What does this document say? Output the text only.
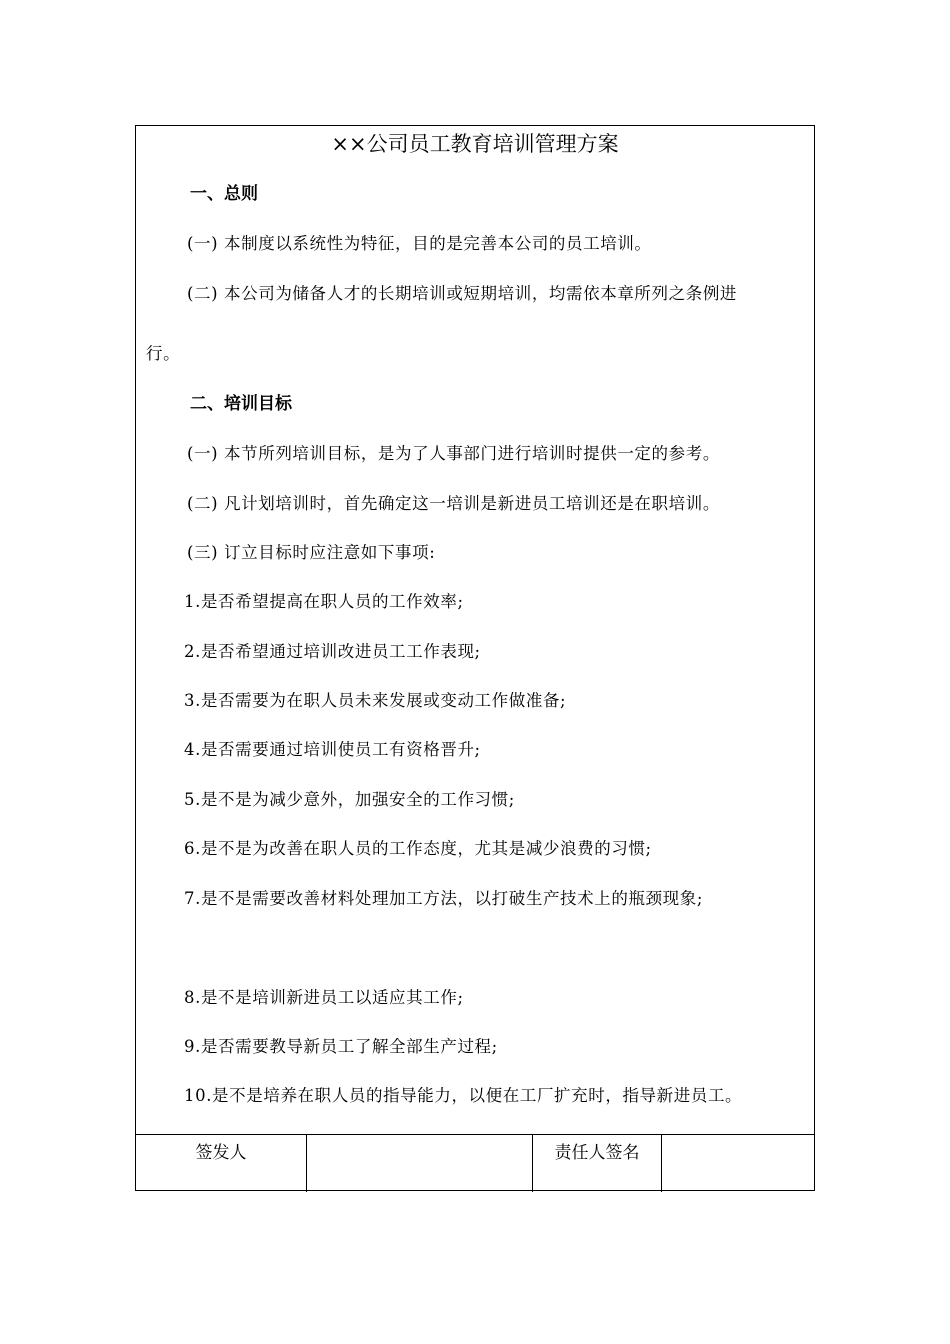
××公司员工教育培训管理方案
一、总则
(一) 本制度以系统性为特征，目的是完善本公司的员工培训。
(二) 本公司为储备人才的长期培训或短期培训，均需依本章所列之条例进
行。
二、培训目标
(一) 本节所列培训目标，是为了人事部门进行培训时提供一定的参考。
(二) 凡计划培训时，首先确定这一培训是新进员工培训还是在职培训。
(三) 订立目标时应注意如下事项:
1.是否希望提高在职人员的工作效率;
2.是否希望通过培训改进员工工作表现;
3.是否需要为在职人员未来发展或变动工作做准备;
4.是否需要通过培训使员工有资格晋升;
5.是不是为减少意外，加强安全的工作习惯;
6.是不是为改善在职人员的工作态度，尤其是减少浪费的习惯;
7.是不是需要改善材料处理加工方法，以打破生产技术上的瓶颈现象;
8.是不是培训新进员工以适应其工作;
9.是否需要教导新员工了解全部生产过程;
10.是不是培养在职人员的指导能力，以便在工厂扩充时，指导新进员工。
签发人	责任人签名
